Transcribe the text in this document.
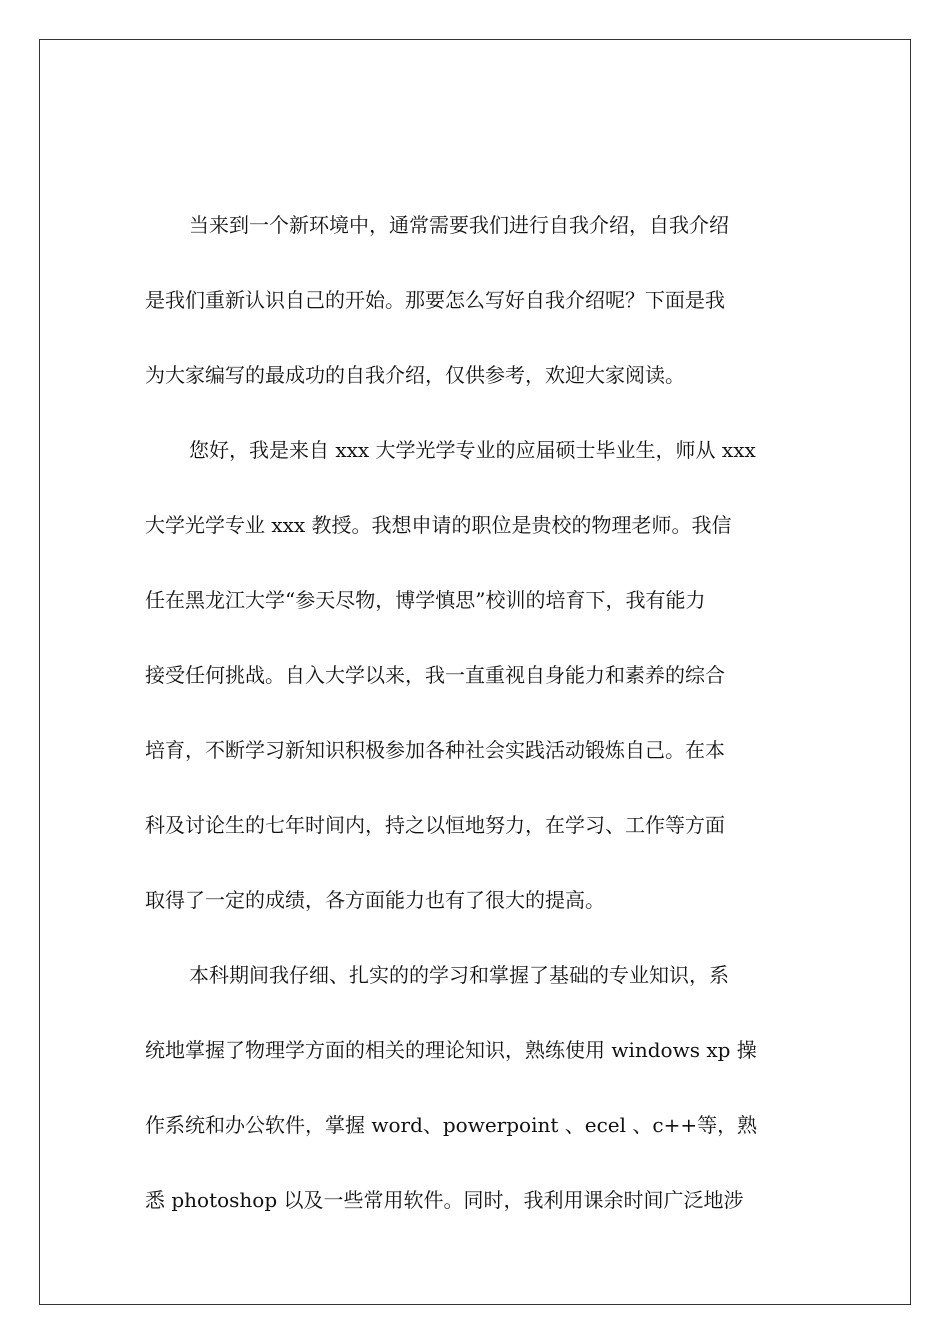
当来到一个新环境中，通常需要我们进行自我介绍，自我介绍
是我们重新认识自己的开始。那要怎么写好自我介绍呢？下面是我
为大家编写的最成功的自我介绍，仅供参考，欢迎大家阅读。
您好，我是来自 xxx 大学光学专业的应届硕士毕业生，师从 xxx
大学光学专业 xxx 教授。我想申请的职位是贵校的物理老师。我信
任在黑龙江大学“参天尽物，博学慎思”校训的培育下，我有能力
接受任何挑战。自入大学以来，我一直重视自身能力和素养的综合
培育，不断学习新知识积极参加各种社会实践活动锻炼自己。在本
科及讨论生的七年时间内，持之以恒地努力，在学习、工作等方面
取得了一定的成绩，各方面能力也有了很大的提高。
本科期间我仔细、扎实的的学习和掌握了基础的专业知识，系
统地掌握了物理学方面的相关的理论知识，熟练使用 windows xp 操
作系统和办公软件，掌握 word、powerpoint 、ecel 、c++等，熟
悉 photoshop 以及一些常用软件。同时，我利用课余时间广泛地涉
